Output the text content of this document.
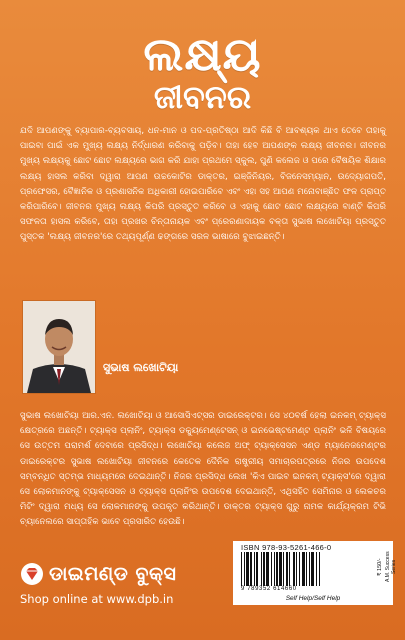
ଲକ୍ଷ୍ୟ
ଜୀବନର
ଯଦି ଆପଣଙ୍କୁ ବ୍ୟାପାର-ବ୍ୟବସାୟ, ଧନ-ମାନ ଓ ପଦ-ପ୍ରତିଷ୍ଠା ଆଦି କିଛି ବି ଆବଶ୍ୟକ ଥାଏ ତେବେ ତାହାକୁ ପାଇବା ପାଇଁ ଏକ ମୁଖ୍ୟ ଲକ୍ଷ୍ୟ ନିର୍ଦ୍ଧାରଣ କରିବାକୁ ପଡ଼ିବ। ତାହା ହେବ ଆପଣଙ୍କ ଲକ୍ଷ୍ୟ ଜୀବନର। ଜୀବନର ମୁଖ୍ୟ ଲକ୍ଷ୍ୟକୁ ଛୋଟ ଛୋଟ ଲକ୍ଷ୍ୟରେ ଭାଗ କରି ଯାହା ପ୍ରଥମେ ସ୍କୁଲ, ପୁଣି କଲେଜ ଓ ପରେ ବୈଷୟିକ ଶିକ୍ଷାର ଲକ୍ଷ୍ୟ ହାସଲ କରିବା ଦ୍ୱାରା ଆପଣ ଉଚ୍ଚକୋଟିର ଡାକ୍ତର, ଇଞ୍ଜିନିୟର, ବିଜନେସମ୍ୟାନ, ଉଦ୍ୟୋଗପତି, ପ୍ରଫେସର, ବୈଜ୍ଞାନିକ ଓ ପ୍ରଶାସନିକ ଅଧିକାରୀ ହୋଇପାରିବେ ଏବଂ ଏହା ସହ ଆପଣ ମନୋବାଞ୍ଛିତ ଫଳ ପ୍ରାପ୍ତ କରିପାରିବେ। ଜୀବନର ମୁଖ୍ୟ ଲକ୍ଷ୍ୟ କିପରି ପ୍ରସ୍ତୁତ କରିବେ ଓ ଏହାକୁ ଛୋଟ ଛୋଟ ଲକ୍ଷ୍ୟରେ ବାଣ୍ଟି କିପରି ସଫଳତା ହାସଲ କରିବେ, ତାହା ପ୍ରଖର ଚିନ୍ତାନାୟକ ଏବଂ ପ୍ରେରଣାଦାୟକ ବକ୍ତା ସୁଭାଷ ଲଖୋଟିୟା ପ୍ରସ୍ତୁତ ପୁସ୍ତକ 'ଲକ୍ଷ୍ୟ ଜୀବନର'ରେ ତଥ୍ୟପୂର୍ଣ୍ଣ ଢଙ୍ଗରେ ସରଳ ଭାଷାରେ ବୁଝାଇଛନ୍ତି।
ସୁଭାଷ ଲଖୋଟିୟା
ସୁଭାଷ ଲଖୋଟିୟା ଆର.ଏନ. ଲଖୋଟିୟା ଓ ଆସୋସିଏଟ୍‌ସର ଡାଇରେକ୍ଟର। ସେ ୪୦ବର୍ଷ ହେଲା ଇନକମ୍ ଟ୍ୟାକ୍ସ କ୍ଷେତ୍ରରେ ଅଛନ୍ତି। ଟ୍ୟାକ୍ସ ପ୍ଲାନିଂ, ଟ୍ୟାକ୍ସ ଡକ୍ୟୁମେଣ୍ଟେସନ୍ ଓ ଇନଭେଷ୍ଟମେଣ୍ଟ ପ୍ଲାନିଂ ଭଳି ବିଷୟରେ ସେ ଉତ୍ତମ ପରାମର୍ଶ ଦେବାରେ ପ୍ରସିଦ୍ଧ। ଲଖୋଟିୟା କଲେଜ ଅଫ୍ ଟ୍ୟାକ୍ସେସନ ଏଣ୍ଡ ମ୍ୟାନେଜମେଣ୍ଟର ଡାଇରେକ୍ଟର ସୁଭାଷ ଲଖୋଟିୟା ଜୀବନରେ କେତେକ ଦୈନିକ ରାଷ୍ଟ୍ରୀୟ ସମାଚାରପତ୍ରରେ ନିଜର ଉପଦେଶ ସମ୍ବନ୍ଧିତ ସ୍ତମ୍ଭ ମାଧ୍ୟମରେ ଦେଇଥାନ୍ତି। ନିଜର ପ୍ରସିଦ୍ଧ ଲେଖ 'କିଏ ପାଇବ ଇନକମ୍ ଟ୍ୟାକ୍ସ'ରେ ଦ୍ୱାରା ସେ ଲୋକମାନଙ୍କୁ ଟ୍ୟାକ୍ସେସନ ଓ ଟ୍ୟାକ୍ସ ପ୍ଲାନିଂର ଉପଦେଶ ଦେଇଥାନ୍ତି, ଏଥିସହିତ ସେମିନାର ଓ ଲେକଚର ମିଟିଂ ଦ୍ୱାରା ମଧ୍ୟ ସେ ଲୋକମାନଙ୍କୁ ଉପକୃତ କରିଥାନ୍ତି। ଡାକ୍ତର ଟ୍ୟାକ୍ସ ଗୁରୁ ନାମକ କାର୍ଯ୍ୟକ୍ରମ ଟିଭି ଚ୍ୟାନେଲରେ ସାପ୍ତାହିକ ଭାବେ ପ୍ରସାରିତ ହେଉଛି।
ଡାଇମଣ୍ଡ ବୁକ୍ସ
Shop online at www.dpb.in
ISBN 978-93-5261-466-0
9 789352 614660
₹ 150/- A.M. Success Series
Self Help/Self Help
